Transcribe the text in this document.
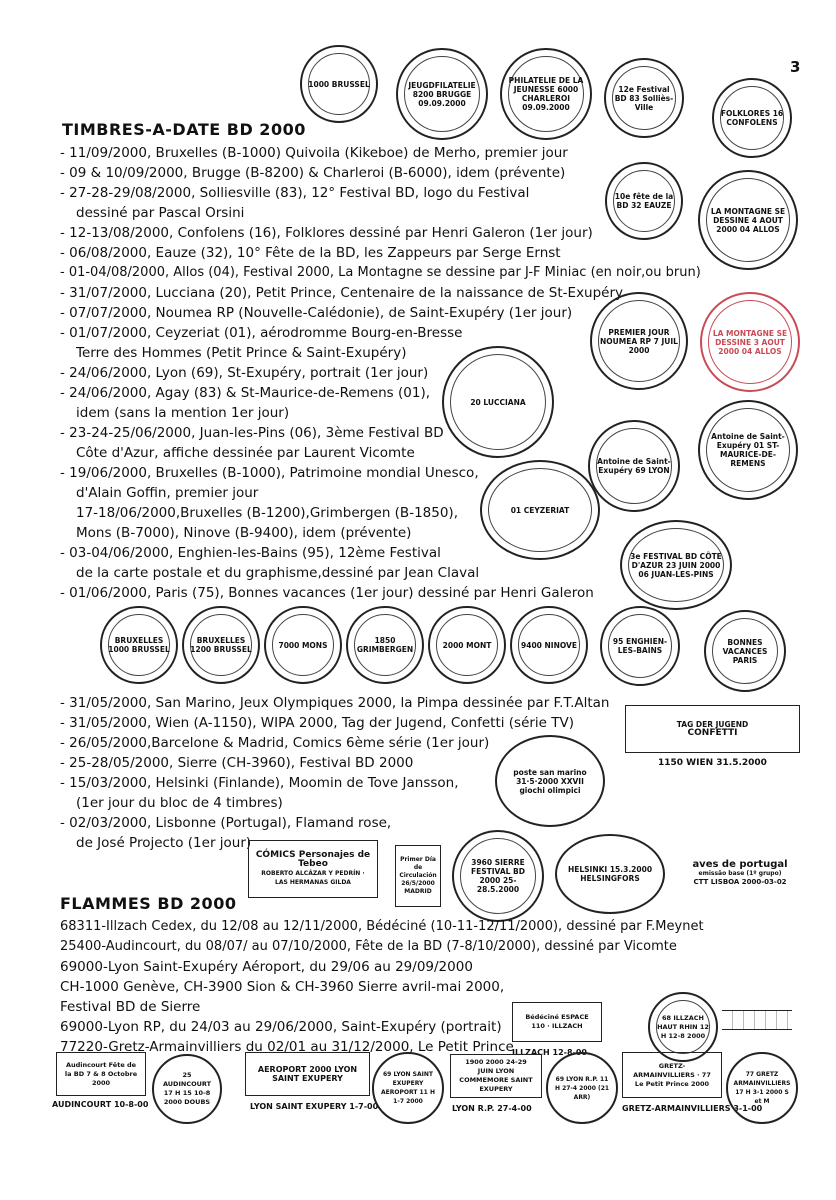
3
1000 BRUSSEL	JEUGDFILATELIE 8200 BRUGGE 09.09.2000
PHILATELIE DE LA JEUNESSE 6000 CHARLEROI 09.09.2000
12e Festival BD 83 Solliès-Ville
FOLKLORES 16 CONFOLENS
TIMBRES-A-DATE BD 2000
- 11/09/2000, Bruxelles (B-1000) Quivoila (Kikeboe) de Merho, premier jour
- 09 & 10/09/2000, Brugge (B-8200) & Charleroi (B-6000), idem (prévente)
- 27-28-29/08/2000, Solliesville (83), 12° Festival BD, logo du Festival
dessiné par Pascal Orsini
- 12-13/08/2000, Confolens (16), Folklores dessiné par Henri Galeron (1er jour)
- 06/08/2000, Eauze (32), 10° Fête de la BD, les Zappeurs par Serge Ernst
- 01-04/08/2000, Allos (04), Festival 2000, La Montagne se dessine par J-F Miniac (en noir,ou brun)
- 31/07/2000, Lucciana (20), Petit Prince, Centenaire de la naissance de St-Exupéry
- 07/07/2000, Noumea RP (Nouvelle-Calédonie), de Saint-Exupéry (1er jour)
- 01/07/2000, Ceyzeriat (01), aérodromme Bourg-en-Bresse
Terre des Hommes (Petit Prince & Saint-Exupéry)
- 24/06/2000, Lyon (69), St-Exupéry, portrait (1er jour)
- 24/06/2000, Agay (83) & St-Maurice-de-Remens (01),
idem (sans la mention 1er jour)
- 23-24-25/06/2000, Juan-les-Pins (06), 3ème Festival BD
Côte d'Azur, affiche dessinée par Laurent Vicomte
- 19/06/2000, Bruxelles (B-1000), Patrimoine mondial Unesco,
d'Alain Goffin, premier jour
17-18/06/2000,Bruxelles (B-1200),Grimbergen (B-1850),
Mons (B-7000), Ninove (B-9400), idem (prévente)
- 03-04/06/2000, Enghien-les-Bains (95), 12ème Festival
de la carte postale et du graphisme,dessiné par Jean Claval
- 01/06/2000, Paris (75), Bonnes vacances (1er jour) dessiné par Henri Galeron
10e fête de la BD 32 EAUZE
LA MONTAGNE SE DESSINE 4 AOUT 2000 04 ALLOS
PREMIER JOUR NOUMEA RP 7 JUIL 2000
LA MONTAGNE SE DESSINE 3 AOUT 2000 04 ALLOS
20 LUCCIANA
01 CEYZERIAT
Antoine de Saint-Exupéry 69 LYON
Antoine de Saint-Exupéry 01 ST-MAURICE-DE-REMENS
3e FESTIVAL BD CÔTE D'AZUR 23 JUIN 2000 06 JUAN-LES-PINS
BRUXELLES 1000 BRUSSEL
BRUXELLES 1200 BRUSSEL	7000 MONS	1850 GRIMBERGEN	2000 MONT	9400 NINOVE	95 ENGHIEN-LES-BAINS
BONNES VACANCES PARIS
- 31/05/2000, San Marino, Jeux Olympiques 2000, la Pimpa dessinée par F.T.Altan
- 31/05/2000, Wien (A-1150), WIPA 2000, Tag der Jugend, Confetti (série TV)
- 26/05/2000,Barcelone & Madrid, Comics 6ème série (1er jour)
- 25-28/05/2000, Sierre (CH-3960), Festival BD 2000
- 15/03/2000, Helsinki (Finlande), Moomin de Tove Jansson,
(1er jour du bloc de 4 timbres)
- 02/03/2000, Lisbonne (Portugal), Flamand rose,
de José Projecto (1er jour)
TAG DER JUGEND
CONFETTI
1150 WIEN 31.5.2000
poste san marino 31·5·2000 XXVII giochi olimpici
CÓMICS Personajes de Tebeo
ROBERTO ALCÁZAR Y PEDRÍN · LAS HERMANAS GILDA
Primer Día de Circulación 26/5/2000 MADRID
3960 SIERRE FESTIVAL BD 2000 25-28.5.2000
HELSINKI 15.3.2000 HELSINGFORS
aves de portugal
emissão base (1º grupo)
CTT LISBOA 2000-03-02
FLAMMES BD 2000
68311-Illzach Cedex, du 12/08 au 12/11/2000, Bédéciné (10-11-12/11/2000), dessiné par F.Meynet
25400-Audincourt, du 08/07/ au 07/10/2000, Fête de la BD (7-8/10/2000), dessiné par Vicomte
69000-Lyon Saint-Exupéry Aéroport, du 29/06 au 29/09/2000
CH-1000 Genève, CH-3900 Sion & CH-3960 Sierre avril-mai 2000,
Festival BD de Sierre
69000-Lyon RP, du 24/03 au 29/06/2000, Saint-Exupéry (portrait)
77220-Gretz-Armainvilliers du 02/01 au 31/12/2000, Le Petit Prince
Bédéciné ESPACE 110 · ILLZACH
ILLZACH 12-8-00
68 ILLZACH HAUT RHIN 12 H 12-8 2000
Audincourt Fête de la BD 7 & 8 Octobre 2000
AUDINCOURT 10-8-00
25 AUDINCOURT 17 H 15 10-8 2000 DOUBS
AEROPORT 2000 LYON SAINT EXUPERY
LYON SAINT EXUPERY 1-7-00
69 LYON SAINT EXUPERY AEROPORT 11 H 1-7 2000
1900 2000 24-29 JUIN LYON COMMEMORE SAINT EXUPERY
LYON R.P. 27-4-00
69 LYON R.P. 11 H 27-4 2000 (21 ARR)
GRETZ-ARMAINVILLIERS · 77 Le Petit Prince 2000
GRETZ-ARMAINVILLIERS 3-1-00
77 GRETZ ARMAINVILLIERS 17 H 3-1 2000 S et M
